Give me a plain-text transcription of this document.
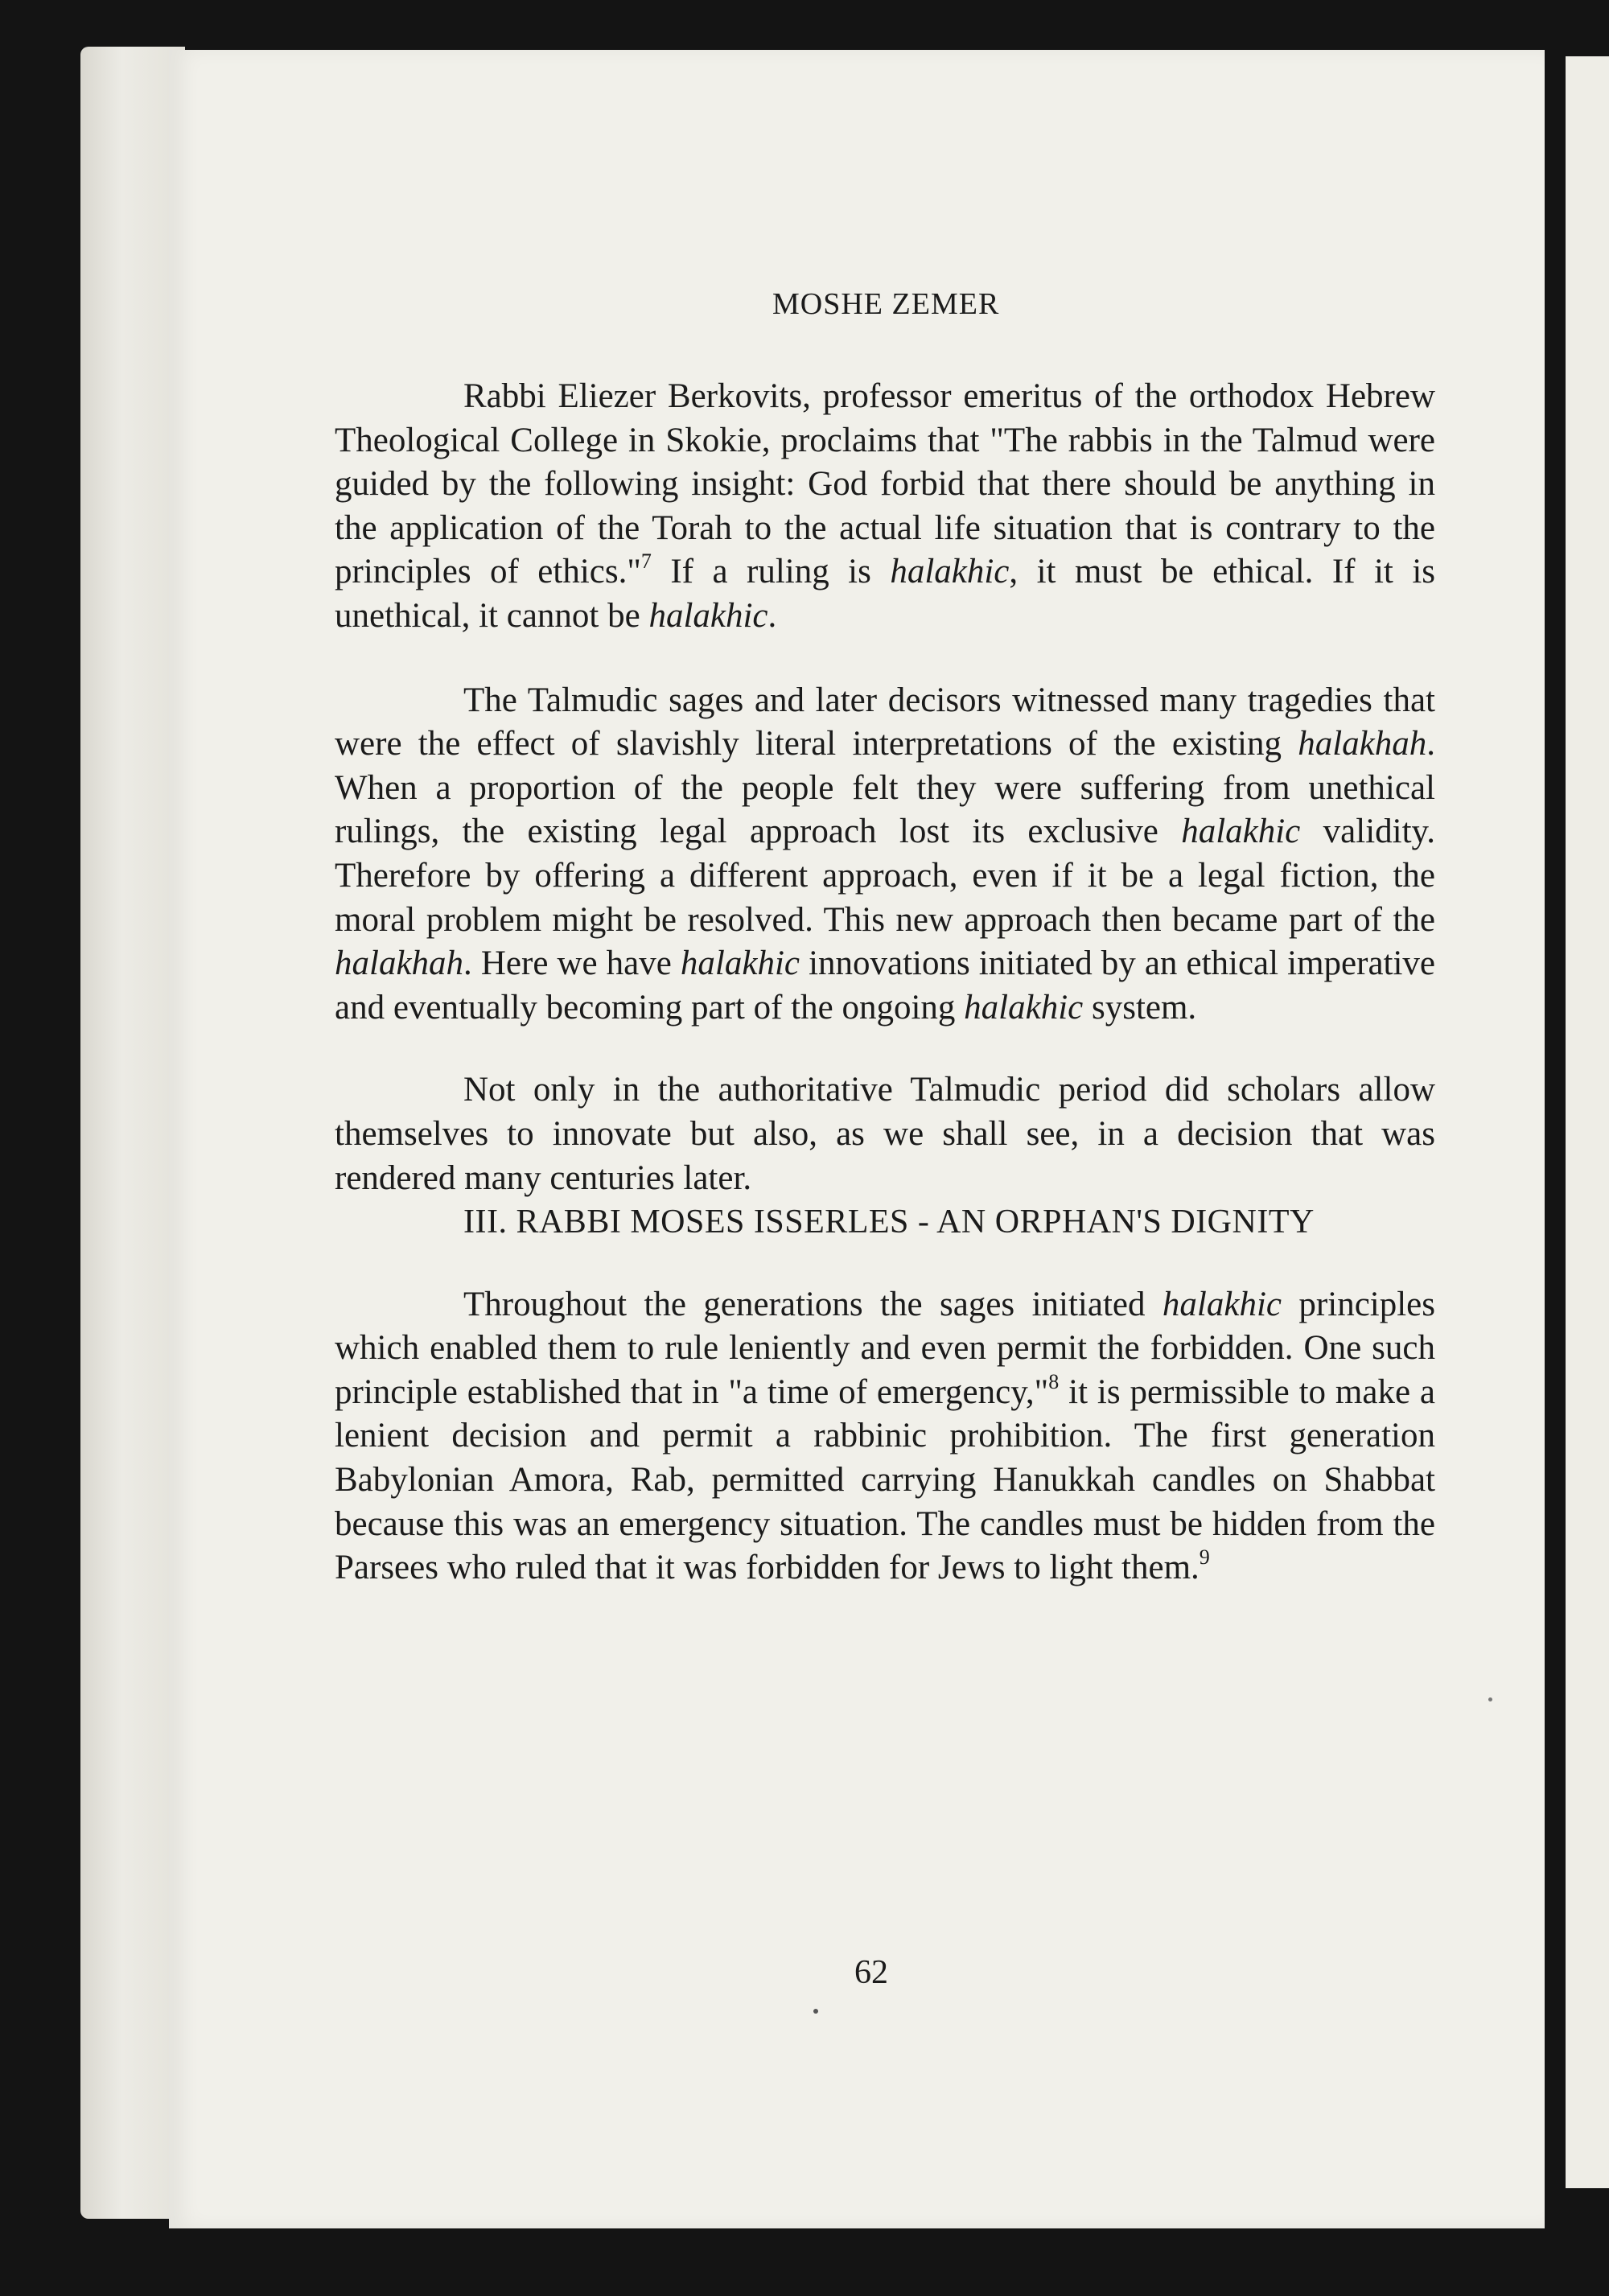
MOSHE ZEMER

Rabbi Eliezer Berkovits, professor emeritus of the orthodox Hebrew Theological College in Skokie, proclaims that "The rabbis in the Talmud were guided by the following insight: God forbid that there should be anything in the application of the Torah to the actual life situation that is contrary to the principles of ethics."$^7$ If a ruling is halakhic, it must be ethical. If it is unethical, it cannot be halakhic.

The Talmudic sages and later decisors witnessed many tragedies that were the effect of slavishly literal interpretations of the existing halakhah. When a proportion of the people felt they were suffering from unethical rulings, the existing legal approach lost its exclusive halakhic validity. Therefore by offering a different approach, even if it be a legal fiction, the moral problem might be resolved. This new approach then became part of the halakhah. Here we have halakhic innovations initiated by an ethical imperative and eventually becoming part of the ongoing halakhic system.

Not only in the authoritative Talmudic period did scholars allow themselves to innovate but also, as we shall see, in a decision that was rendered many centuries later.

III. RABBI MOSES ISSERLES - AN ORPHAN'S DIGNITY

Throughout the generations the sages initiated halakhic principles which enabled them to rule leniently and even permit the forbidden. One such principle established that in "a time of emergency,"$^8$ it is permissible to make a lenient decision and permit a rabbinic prohibition. The first generation Babylonian Amora, Rab, permitted carrying Hanukkah candles on Shabbat because this was an emergency situation. The candles must be hidden from the Parsees who ruled that it was forbidden for Jews to light them.$^9$

62
